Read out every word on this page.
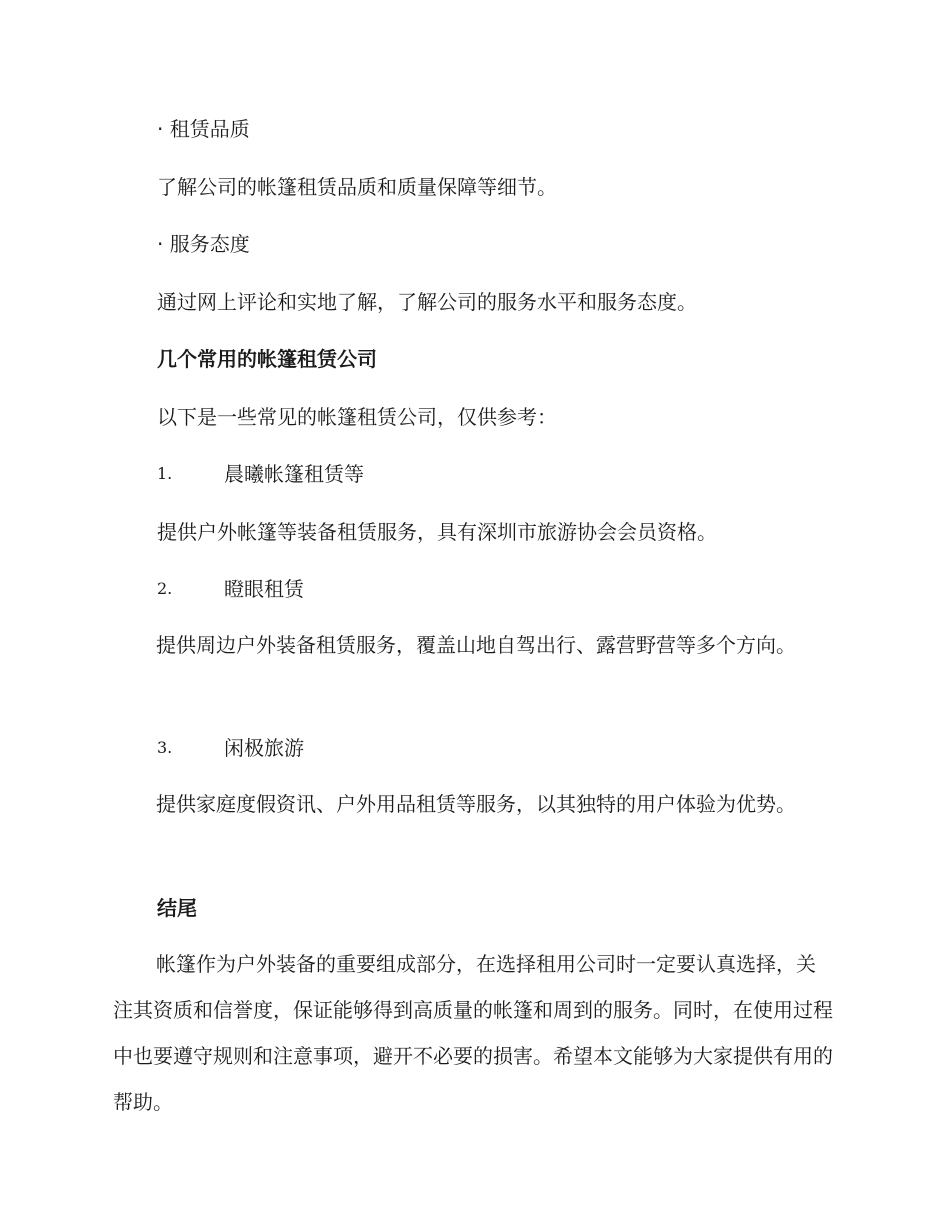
· 租赁品质
了解公司的帐篷租赁品质和质量保障等细节。
· 服务态度
通过网上评论和实地了解，了解公司的服务水平和服务态度。
几个常用的帐篷租赁公司
以下是一些常见的帐篷租赁公司，仅供参考：
1.	晨曦帐篷租赁等
提供户外帐篷等装备租赁服务，具有深圳市旅游协会会员资格。
2.	瞪眼租赁
提供周边户外装备租赁服务，覆盖山地自驾出行、露营野营等多个方向。
3.	闲极旅游
提供家庭度假资讯、户外用品租赁等服务，以其独特的用户体验为优势。
结尾
帐篷作为户外装备的重要组成部分，在选择租用公司时一定要认真选择，关注其资质和信誉度，保证能够得到高质量的帐篷和周到的服务。同时，在使用过程中也要遵守规则和注意事项，避开不必要的损害。希望本文能够为大家提供有用的帮助。
